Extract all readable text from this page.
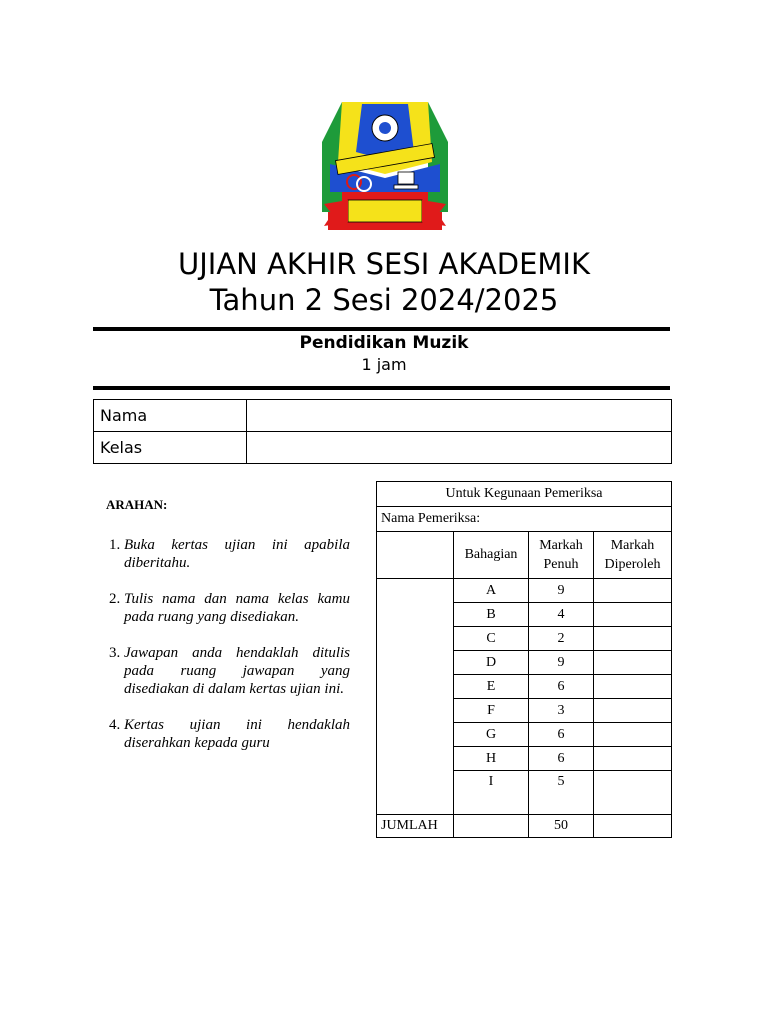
UJIAN AKHIR SESI AKADEMIK
Tahun 2 Sesi 2024/2025
Pendidikan Muzik
1 jam
Nama	
Kelas	
ARAHAN:
1. Buka kertas ujian ini apabila diberitahu.
2. Tulis nama dan nama kelas kamu pada ruang yang disediakan.
3. Jawapan anda hendaklah ditulis pada ruang jawapan yang disediakan di dalam kertas ujian ini.
4. Kertas ujian ini hendaklah diserahkan kepada guru
Untuk Kegunaan Pemeriksa			
Nama Pemeriksa:			
	Bahagian	Markah Penuh	Markah Diperoleh
	A	9	
	B	4	
	C	2	
	D	9	
	E	6	
	F	3	
	G	6	
	H	6	
	I	5	
JUMLAH		50	
